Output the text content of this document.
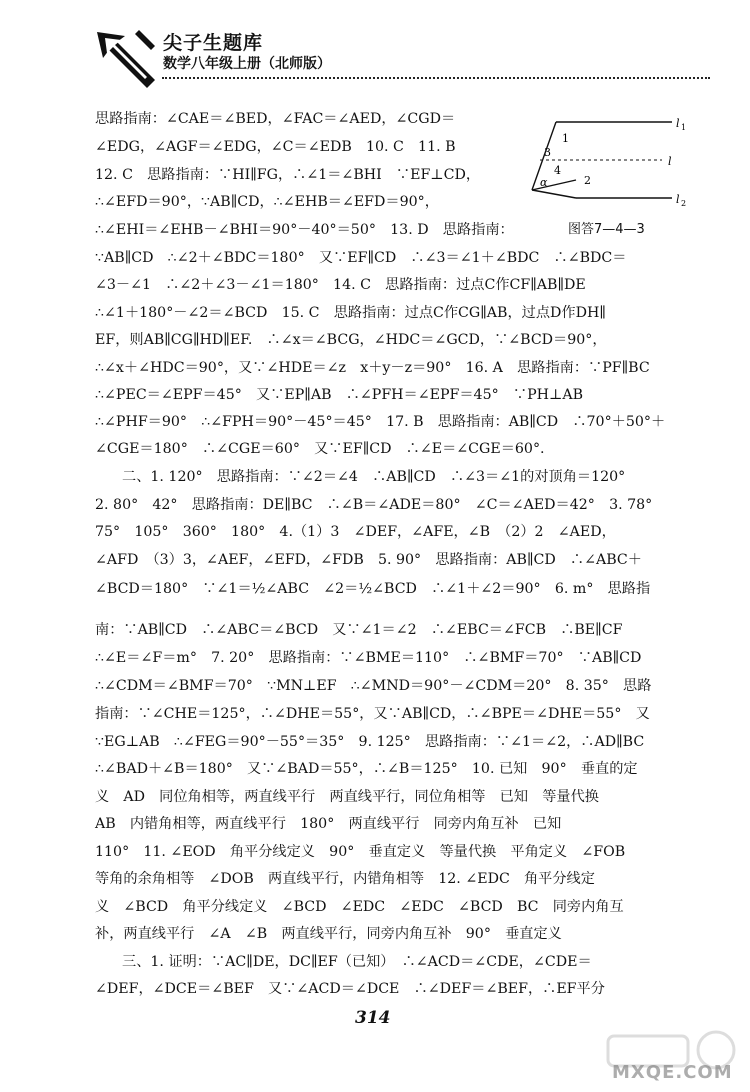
尖子生题库
数学八年级上册（北师版）
l 1
l
l 2
1
2
3
4
α
图答7—4—3
思路指南：∠CAE＝∠BED，∠FAC＝∠AED，∠CGD＝
∠EDG，∠AGF＝∠EDG，∠C＝∠EDB　10. C　11. B
12. C　思路指南：∵HI∥FG，∴∠1＝∠BHI　∵EF⊥CD，
∴∠EFD＝90°，∵AB∥CD，∴∠EHB＝∠EFD＝90°，
∴∠EHI＝∠EHB－∠BHI＝90°－40°＝50°　13. D　思路指南：
∵AB∥CD　∴∠2＋∠BDC＝180°　又∵EF∥CD　∴∠3＝∠1＋∠BDC　∴∠BDC＝
∠3－∠1　∴∠2＋∠3－∠1＝180°　14. C　思路指南：过点C作CF∥AB∥DE
∴∠1＋180°－∠2＝∠BCD　15. C　思路指南：过点C作CG∥AB，过点D作DH∥
EF，则AB∥CG∥HD∥EF.　∴∠x＝∠BCG，∠HDC＝∠GCD，∵∠BCD＝90°，
∴∠x＋∠HDC＝90°，又∵∠HDE＝∠z　x＋y－z＝90°　16. A　思路指南：∵PF∥BC
∴∠PEC＝∠EPF＝45°　又∵EP∥AB　∴∠PFH＝∠EPF＝45°　∵PH⊥AB
∴∠PHF＝90°　∴∠FPH＝90°－45°＝45°　17. B　思路指南：AB∥CD　∴70°＋50°＋
∠CGE＝180°　∴∠CGE＝60°　又∵EF∥CD　∴∠E＝∠CGE＝60°.
二、1. 120°　思路指南：∵∠2＝∠4　∴AB∥CD　∴∠3＝∠1的对顶角＝120°
2. 80°　42°　思路指南：DE∥BC　∴∠B＝∠ADE＝80°　∠C＝∠AED＝42°　3. 78°
75°　105°　360°　180°　4.（1）3　∠DEF，∠AFE，∠B　（2）2　∠AED，
∠AFD　（3）3，∠AEF，∠EFD，∠FDB　5. 90°　思路指南：AB∥CD　∴∠ABC＋
∠BCD＝180°　∵∠1＝½∠ABC　∠2＝½∠BCD　∴∠1＋∠2＝90°　6. m°　思路指
南：∵AB∥CD　∴∠ABC＝∠BCD　又∵∠1＝∠2　∴∠EBC＝∠FCB　∴BE∥CF
∴∠E＝∠F＝m°　7. 20°　思路指南：∵∠BME＝110°　∴∠BMF＝70°　∵AB∥CD
∴∠CDM＝∠BMF＝70°　∵MN⊥EF　∴∠MND＝90°－∠CDM＝20°　8. 35°　思路
指南：∵∠CHE＝125°，∴∠DHE＝55°，又∵AB∥CD，∴∠BPE＝∠DHE＝55°　又
∵EG⊥AB　∴∠FEG＝90°－55°＝35°　9. 125°　思路指南：∵∠1＝∠2，∴AD∥BC
∴∠BAD＋∠B＝180°　又∵∠BAD＝55°，∴∠B＝125°　10. 已知　90°　垂直的定
义　AD　同位角相等，两直线平行　两直线平行，同位角相等　已知　等量代换
AB　内错角相等，两直线平行　180°　两直线平行　同旁内角互补　已知
110°　11. ∠EOD　角平分线定义　90°　垂直定义　等量代换　平角定义　∠FOB
等角的余角相等　∠DOB　两直线平行，内错角相等　12. ∠EDC　角平分线定
义　∠BCD　角平分线定义　∠BCD　∠EDC　∠EDC　∠BCD　BC　同旁内角互
补，两直线平行　∠A　∠B　两直线平行，同旁内角互补　90°　垂直定义
三、1. 证明：∵AC∥DE，DC∥EF（已知）　∴∠ACD＝∠CDE，∠CDE＝
∠DEF，∠DCE＝∠BEF　又∵∠ACD＝∠DCE　∴∠DEF＝∠BEF，∴EF平分
314
MXQE.COM
